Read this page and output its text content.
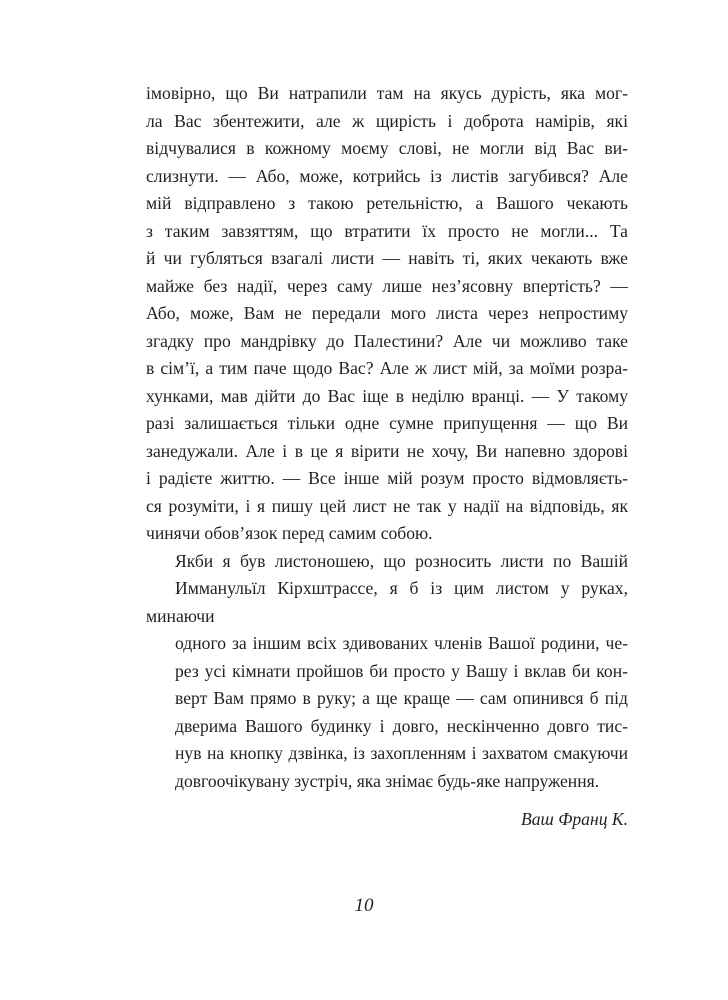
імовірно, що Ви натрапили там на якусь дурість, яка мог-
ла Вас збентежити, але ж щирість і доброта намірів, які
відчувалися в кожному моєму слові, не могли від Вас ви-
слизнути. — Або, може, котрийсь із листів загубився? Але
мій відправлено з такою ретельністю, а Вашого чекають
з таким завзяттям, що втратити їх просто не могли... Та
й чи губляться взагалі листи — навіть ті, яких чекають вже
майже без надії, через саму лише нез’ясовну впертість? —
Або, може, Вам не передали мого листа через непростиму
згадку про мандрівку до Палестини? Але чи можливо таке
в сім’ї, а тим паче щодо Вас? Але ж лист мій, за моїми розра-
хунками, мав дійти до Вас іще в неділю вранці. — У такому
разі залишається тільки одне сумне припущення — що Ви
занедужали. Але і в це я вірити не хочу, Ви напевно здорові
і радієте життю. — Все інше мій розум просто відмовляєть-
ся розуміти, і я пишу цей лист не так у надії на відповідь, як
чинячи обов’язок перед самим собою.

Якби я був листоношею, що розносить листи по Вашій
Имманульїл Кірхштрассе, я б із цим листом у руках, минаючи
одного за іншим всіх здивованих членів Вашої родини, че-
рез усі кімнати пройшов би просто у Вашу і вклав би кон-
верт Вам прямо в руку; а ще краще — сам опинився б під
дверима Вашого будинку і довго, нескінченно довго тис-
нув на кнопку дзвінка, із захопленням і захватом смакуючи
довгоочікувану зустріч, яка знімає будь-яке напруження.

Ваш Франц К.

10
